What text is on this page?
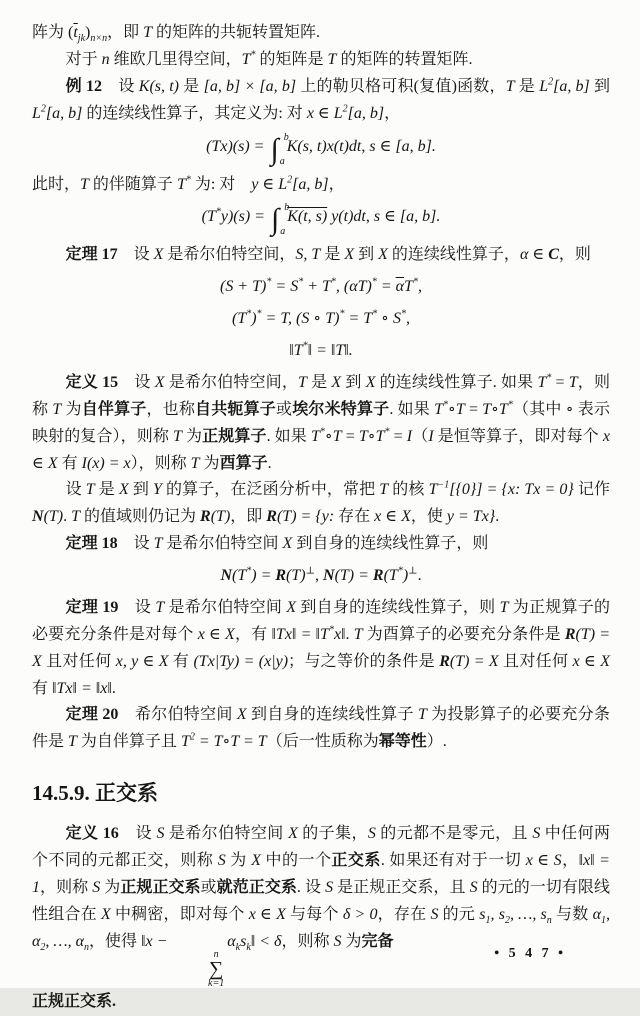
阵为 $(\overline{t}_{jk})_{n\times n}$，即 T 的矩阵的共轭转置矩阵.
对于 n 维欧几里得空间，T* 的矩阵是 T 的矩阵的转置矩阵.
例 12　设 K(s, t) 是 [a, b] × [a, b] 上的勒贝格可积(复值)函数，T 是 $L^2[a$, b] 到 $L^2[a$, b] 的连续线性算子，其定义为: 对 x ∈ $L^2[a$, b]，
(Tx)(s) = ∫ b
a
K(s, t)x(t)dt, s ∈ [a, b].
此时，T 的伴随算子 T* 为: 对　y ∈ $L^2[a$, b]，
(T*y)(s) = ∫ b
a
K(t, s) y(t)dt, s ∈ [a, b].
定理 17　设 X 是希尔伯特空间，S, T 是 X 到 X 的连续线性算子，α ∈ C，则
(S + T)* = S* + T*, $(\alpha T)^* = \overline{\alpha}T^*$,
(T*)* = T, (S ∘ T)* = T* ∘ S*,
‖T*‖ = ‖T‖.
定义 15　设 X 是希尔伯特空间，T 是 X 到 X 的连续线性算子. 如果 T* = T，则称 T 为自伴算子，也称自共轭算子或埃尔米特算子. 如果 T*∘T = T∘T*（其中 ∘ 表示映射的复合），则称 T 为正规算子. 如果 T*∘T = T∘T* = I（I 是恒等算子，即对每个 x ∈ X 有 I(x) = x），则称 T 为酉算子.
设 T 是 X 到 Y 的算子，在泛函分析中，常把 T 的核 $T^{-1}[\{0\}] = \{x$: Tx = 0} 记作 N(T). T 的值域则仍记为 R(T)，即 R(T) = {y: 存在 x ∈ X，使 y = Tx}.
定理 18　设 T 是希尔伯特空间 X 到自身的连续线性算子，则
N(T*) = R(T)⊥, N(T) = R(T*)⊥.
定理 19　设 T 是希尔伯特空间 X 到自身的连续线性算子，则 T 为正规算子的必要充分条件是对每个 x ∈ X，有 ‖Tx‖ = ‖T*x‖. T 为酉算子的必要充分条件是 R(T) = X 且对任何 x, y ∈ X 有 (Tx|Ty) = (x|y)；与之等价的条件是 R(T) = X 且对任何 x ∈ X 有 ‖Tx‖ = ‖x‖.
定理 20　希尔伯特空间 X 到自身的连续线性算子 T 为投影算子的必要充分条件是 T 为自伴算子且 $T^2$ = T∘T = T（后一性质称为幂等性）.
14.5.9. 正交系
定义 16　设 S 是希尔伯特空间 X 的子集，S 的元都不是零元，且 S 中任何两个不同的元都正交，则称 S 为 X 中的一个正交系. 如果还有对于一切 x ∈ S，‖x‖ = 1，则称 S 为正规正交系或就范正交系. 设 S 是正规正交系，且 S 的元的一切有限线性组合在 X 中稠密，即对每个 x ∈ X 与每个 δ > 0，存在 S 的元 $s_1$, $s_2$, …, $s_n$ 与数 $\alpha_1$, $\alpha_2$, …, $\alpha_n$，使得 ‖x −
n
∑
k=1
$\alpha_ks_k‖ < \delta$，则称 S 为完备
正规正交系.
• 5 4 7 •
